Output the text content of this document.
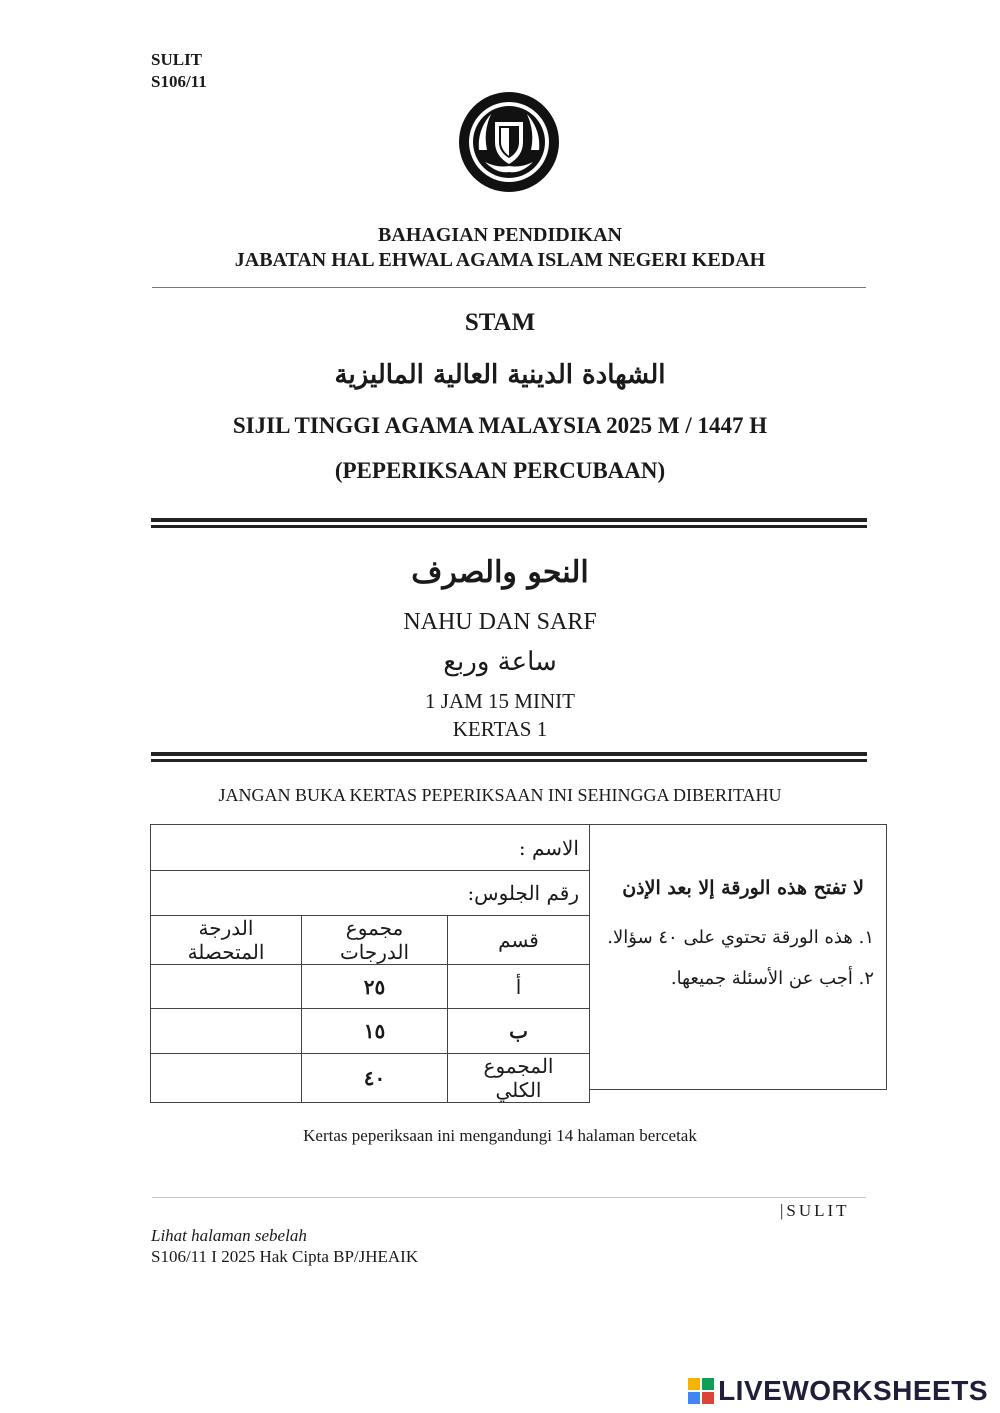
SULIT
S106/11
BAHAGIAN PENDIDIKAN
JABATAN HAL EHWAL AGAMA ISLAM NEGERI KEDAH
STAM
الشهادة الدينية العالية الماليزية
SIJIL TINGGI AGAMA MALAYSIA 2025 M / 1447 H
(PEPERIKSAAN PERCUBAAN)
النحو والصرف
NAHU DAN SARF
ساعة وربع
1 JAM 15 MINIT
KERTAS 1
JANGAN BUKA KERTAS PEPERIKSAAN INI SEHINGGA DIBERITAHU
الاسم :		
رقم الجلوس:		
الدرجة المتحصلة	مجموع الدرجات	قسم
	٢٥	أ
	١٥	ب
	٤٠	المجموع الكلي
لا تفتح هذه الورقة إلا بعد الإذن
١. هذه الورقة تحتوي على ٤٠ سؤالا.
٢. أجب عن الأسئلة جميعها.
Kertas peperiksaan ini mengandungi 14 halaman bercetak
|SULIT
Lihat halaman sebelah
S106/11 I 2025 Hak Cipta BP/JHEAIK
LIVEWORKSHEETS
